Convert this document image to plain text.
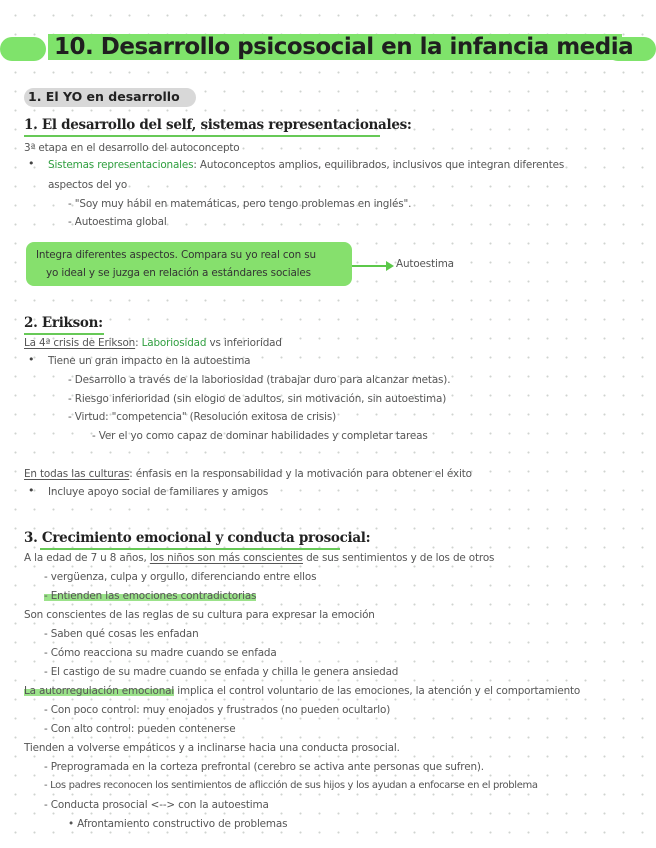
10. Desarrollo psicosocial en la infancia media
1. El YO en desarrollo
1. El desarrollo del self, sistemas representacionales:
3ª etapa en el desarrollo del autoconcepto
• Sistemas representacionales: Autoconceptos amplios, equilibrados, inclusivos que integran diferentes
aspectos del yo
- "Soy muy hábil en matemáticas, pero tengo problemas en inglés".
- Autoestima global
Integra diferentes aspectos. Compara su yo real con su
yo ideal y se juzga en relación a estándares sociales
Autoestima
2. Erikson:
La 4ª crisis de Erikson: Laboriosidad vs inferioridad
• Tiene un gran impacto en la autoestima
- Desarrollo a través de la laboriosidad (trabajar duro para alcanzar metas).
- Riesgo inferioridad (sin elogio de adultos, sin motivación, sin autoestima)
- Virtud: "competencia" (Resolución exitosa de crisis)
- Ver el yo como capaz de dominar habilidades y completar tareas
En todas las culturas: énfasis en la responsabilidad y la motivación para obtener el éxito
• Incluye apoyo social de familiares y amigos
3. Crecimiento emocional y conducta prosocial:
A la edad de 7 u 8 años, los niños son más conscientes de sus sentimientos y de los de otros
- vergüenza, culpa y orgullo, diferenciando entre ellos
- Entienden las emociones contradictorias
Son conscientes de las reglas de su cultura para expresar la emoción
- Saben qué cosas les enfadan
- Cómo reacciona su madre cuando se enfada
- El castigo de su madre cuando se enfada y chilla le genera ansiedad
La autorregulación emocional implica el control voluntario de las emociones, la atención y el comportamiento
- Con poco control: muy enojados y frustrados (no pueden ocultarlo)
- Con alto control: pueden contenerse
Tienden a volverse empáticos y a inclinarse hacia una conducta prosocial.
- Preprogramada en la corteza prefrontal (cerebro se activa ante personas que sufren).
- Los padres reconocen los sentimientos de aflicción de sus hijos y los ayudan a enfocarse en el problema
- Conducta prosocial <--> con la autoestima
• Afrontamiento constructivo de problemas
